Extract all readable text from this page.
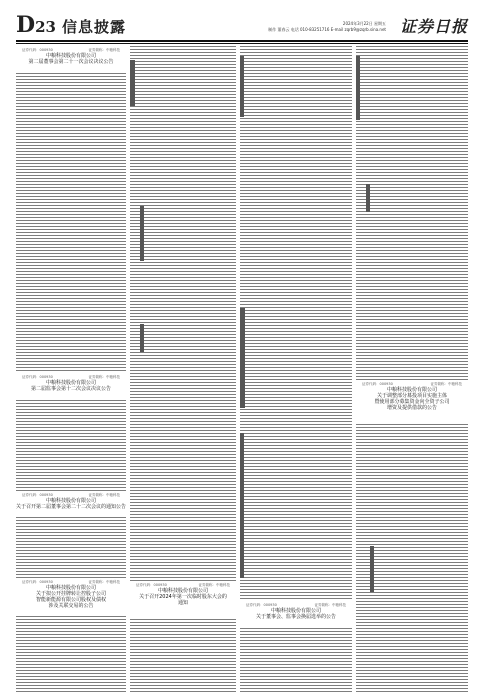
D23 信息披露	2024年3月22日 星期五
制作 董春云 电话 010-83251716 E-mail zqrb9@zqrb.sina.net 证券日报
证券代码：000930	证券简称：中粮科技
中粮科技股份有限公司
第二届董事会第二十一次会议决议公告
证券代码：000930	证券简称：中粮科技
中粮科技股份有限公司
第二届监事会第十二次会议决议公告
证券代码：000930	证券简称：中粮科技
中粮科技股份有限公司
关于召开第二届董事会第二十二次会议的通知公告
证券代码：000930	证券简称：中粮科技
中粮科技股份有限公司
关于拟公开挂牌转让控股子公司
智能新能源有限公司股权及债权
涉及关联交易的公告

证券代码：000930	证券简称：中粮科技
中粮科技股份有限公司
关于召开2024年第一次临时股东大会的
通知

			证券代码：000930	证券简称：中粮科技
中粮科技股份有限公司
关于董事会、监事会换届选举的公告

证券代码：000930	证券简称：中粮科技
中粮科技股份有限公司
关于调整部分募投项目实施主体
暨使用部分募集资金向全资子公司
增资及提供借款的公告
